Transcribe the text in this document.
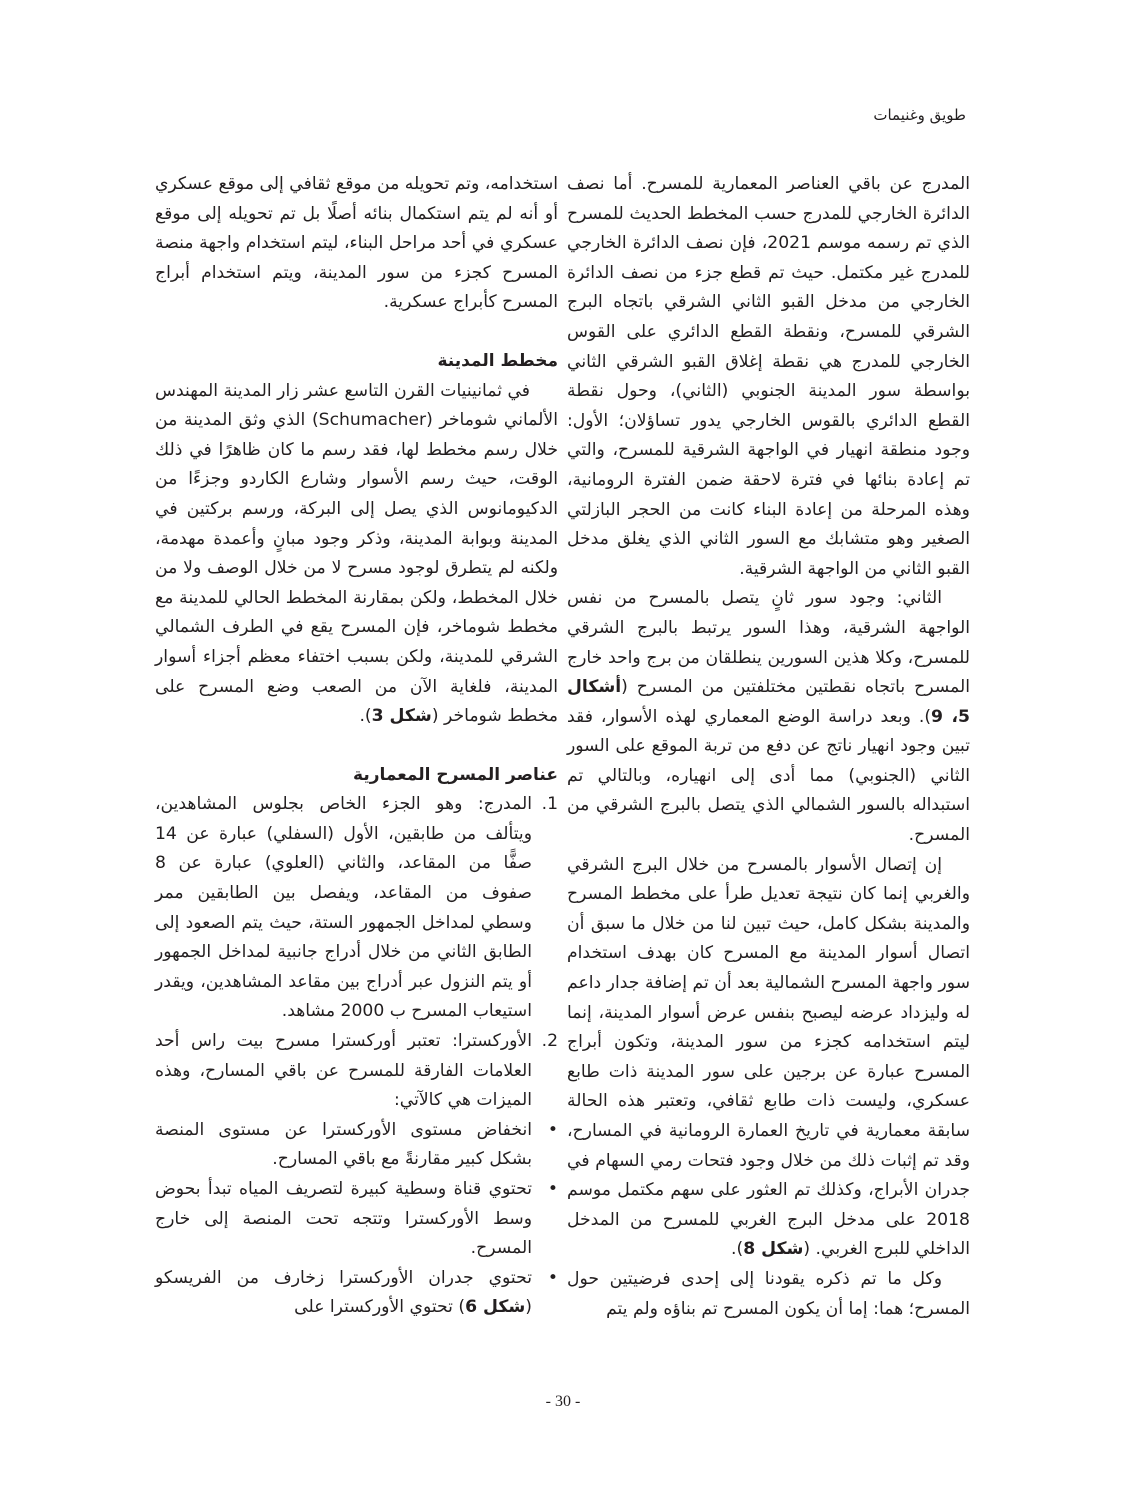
طويق وغنيمات

المدرج عن باقي العناصر المعمارية للمسرح. أما نصف الدائرة الخارجي للمدرج حسب المخطط الحديث للمسرح الذي تم رسمه موسم 2021، فإن نصف الدائرة الخارجي للمدرج غير مكتمل. حيث تم قطع جزء من نصف الدائرة الخارجي من مدخل القبو الثاني الشرقي باتجاه البرج الشرقي للمسرح، ونقطة القطع الدائري على القوس الخارجي للمدرج هي نقطة إغلاق القبو الشرقي الثاني بواسطة سور المدينة الجنوبي (الثاني)، وحول نقطة القطع الدائري بالقوس الخارجي يدور تساؤلان؛ الأول: وجود منطقة انهيار في الواجهة الشرقية للمسرح، والتي تم إعادة بنائها في فترة لاحقة ضمن الفترة الرومانية، وهذه المرحلة من إعادة البناء كانت من الحجر البازلتي الصغير وهو متشابك مع السور الثاني الذي يغلق مدخل القبو الثاني من الواجهة الشرقية.

الثاني: وجود سور ثانٍ يتصل بالمسرح من نفس الواجهة الشرقية، وهذا السور يرتبط بالبرج الشرقي للمسرح، وكلا هذين السورين ينطلقان من برج واحد خارج المسرح باتجاه نقطتين مختلفتين من المسرح (أشكال 5، 9). وبعد دراسة الوضع المعماري لهذه الأسوار، فقد تبين وجود انهيار ناتج عن دفع من تربة الموقع على السور الثاني (الجنوبي) مما أدى إلى انهياره، وبالتالي تم استبداله بالسور الشمالي الذي يتصل بالبرج الشرقي من المسرح.

إن إتصال الأسوار بالمسرح من خلال البرج الشرقي والغربي إنما كان نتيجة تعديل طرأ على مخطط المسرح والمدينة بشكل كامل، حيث تبين لنا من خلال ما سبق أن اتصال أسوار المدينة مع المسرح كان بهدف استخدام سور واجهة المسرح الشمالية بعد أن تم إضافة جدار داعم له وليزداد عرضه ليصبح بنفس عرض أسوار المدينة، إنما ليتم استخدامه كجزء من سور المدينة، وتكون أبراج المسرح عبارة عن برجين على سور المدينة ذات طابع عسكري، وليست ذات طابع ثقافي، وتعتبر هذه الحالة سابقة معمارية في تاريخ العمارة الرومانية في المسارح، وقد تم إثبات ذلك من خلال وجود فتحات رمي السهام في جدران الأبراج، وكذلك تم العثور على سهم مكتمل موسم 2018 على مدخل البرج الغربي للمسرح من المدخل الداخلي للبرج الغربي. (شكل 8).

وكل ما تم ذكره يقودنا إلى إحدى فرضيتين حول المسرح؛ هما: إما أن يكون المسرح تم بناؤه ولم يتم

استخدامه، وتم تحويله من موقع ثقافي إلى موقع عسكري أو أنه لم يتم استكمال بنائه أصلًا بل تم تحويله إلى موقع عسكري في أحد مراحل البناء، ليتم استخدام واجهة منصة المسرح كجزء من سور المدينة، ويتم استخدام أبراج المسرح كأبراج عسكرية.

مخطط المدينة

في ثمانينيات القرن التاسع عشر زار المدينة المهندس الألماني شوماخر (Schumacher) الذي وثق المدينة من خلال رسم مخطط لها، فقد رسم ما كان ظاهرًا في ذلك الوقت، حيث رسم الأسوار وشارع الكاردو وجزءًا من الدكيومانوس الذي يصل إلى البركة، ورسم بركتين في المدينة وبوابة المدينة، وذكر وجود مبانٍ وأعمدة مهدمة، ولكنه لم يتطرق لوجود مسرح لا من خلال الوصف ولا من خلال المخطط، ولكن بمقارنة المخطط الحالي للمدينة مع مخطط شوماخر، فإن المسرح يقع في الطرف الشمالي الشرقي للمدينة، ولكن بسبب اختفاء معظم أجزاء أسوار المدينة، فلغاية الآن من الصعب وضع المسرح على مخطط شوماخر (شكل 3).

عناصر المسرح المعمارية
1.
المدرج: وهو الجزء الخاص بجلوس المشاهدين، ويتألف من طابقين، الأول (السفلي) عبارة عن 14 صفًّا من المقاعد، والثاني (العلوي) عبارة عن 8 صفوف من المقاعد، ويفصل بين الطابقين ممر وسطي لمداخل الجمهور الستة، حيث يتم الصعود إلى الطابق الثاني من خلال أدراج جانبية لمداخل الجمهور أو يتم النزول عبر أدراج بين مقاعد المشاهدين، ويقدر استيعاب المسرح ب 2000 مشاهد.
2.
الأوركسترا: تعتبر أوركسترا مسرح بيت راس أحد العلامات الفارقة للمسرح عن باقي المسارح، وهذه الميزات هي كالآتي:
•
انخفاض مستوى الأوركسترا عن مستوى المنصة بشكل كبير مقارنةً مع باقي المسارح.
•
تحتوي قناة وسطية كبيرة لتصريف المياه تبدأ بحوض وسط الأوركسترا وتتجه تحت المنصة إلى خارج المسرح.
•
تحتوي جدران الأوركسترا زخارف من الفريسكو (شكل 6) تحتوي الأوركسترا على
- 30 -
